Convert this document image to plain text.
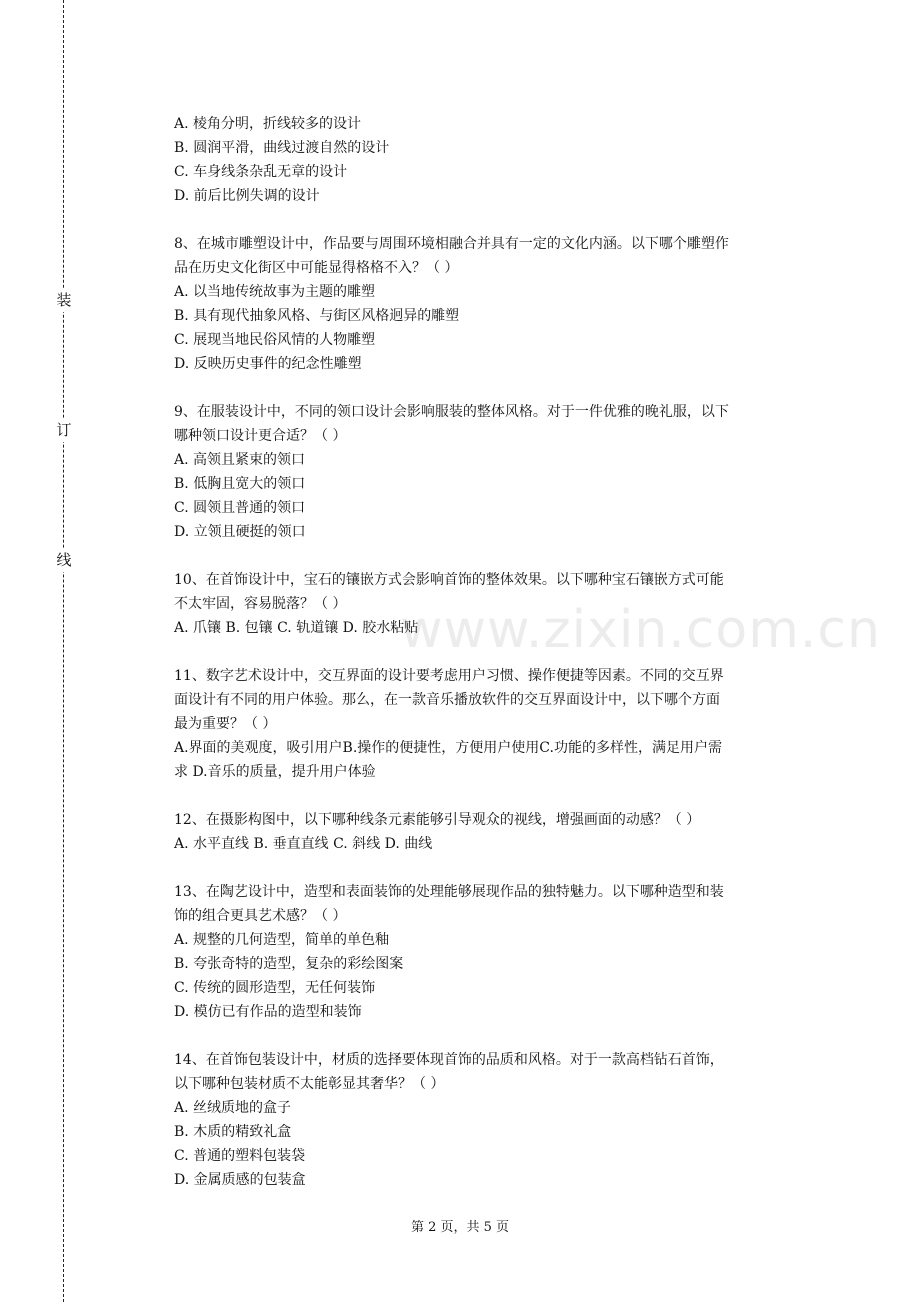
装
订
线
www.zixin.com.cn
A. 棱角分明，折线较多的设计
B. 圆润平滑，曲线过渡自然的设计
C. 车身线条杂乱无章的设计
D. 前后比例失调的设计
8、在城市雕塑设计中，作品要与周围环境相融合并具有一定的文化内涵。以下哪个雕塑作
品在历史文化街区中可能显得格格不入？（ ）
A. 以当地传统故事为主题的雕塑
B. 具有现代抽象风格、与街区风格迥异的雕塑
C. 展现当地民俗风情的人物雕塑
D. 反映历史事件的纪念性雕塑
9、在服装设计中，不同的领口设计会影响服装的整体风格。对于一件优雅的晚礼服，以下
哪种领口设计更合适？（ ）
A. 高领且紧束的领口
B. 低胸且宽大的领口
C. 圆领且普通的领口
D. 立领且硬挺的领口
10、在首饰设计中，宝石的镶嵌方式会影响首饰的整体效果。以下哪种宝石镶嵌方式可能
不太牢固，容易脱落？（ ）
A. 爪镶 B. 包镶 C. 轨道镶 D. 胶水粘贴
11、数字艺术设计中，交互界面的设计要考虑用户习惯、操作便捷等因素。不同的交互界
面设计有不同的用户体验。那么，在一款音乐播放软件的交互界面设计中，以下哪个方面
最为重要？（ ）
A.界面的美观度，吸引用户B.操作的便捷性，方便用户使用C.功能的多样性，满足用户需
求 D.音乐的质量，提升用户体验
12、在摄影构图中，以下哪种线条元素能够引导观众的视线，增强画面的动感？（ ）
A. 水平直线 B. 垂直直线 C. 斜线 D. 曲线
13、在陶艺设计中，造型和表面装饰的处理能够展现作品的独特魅力。以下哪种造型和装
饰的组合更具艺术感？（ ）
A. 规整的几何造型，简单的单色釉
B. 夸张奇特的造型，复杂的彩绘图案
C. 传统的圆形造型，无任何装饰
D. 模仿已有作品的造型和装饰
14、在首饰包装设计中，材质的选择要体现首饰的品质和风格。对于一款高档钻石首饰，
以下哪种包装材质不太能彰显其奢华？（ ）
A. 丝绒质地的盒子
B. 木质的精致礼盒
C. 普通的塑料包装袋
D. 金属质感的包装盒
第 2 页，共 5 页
